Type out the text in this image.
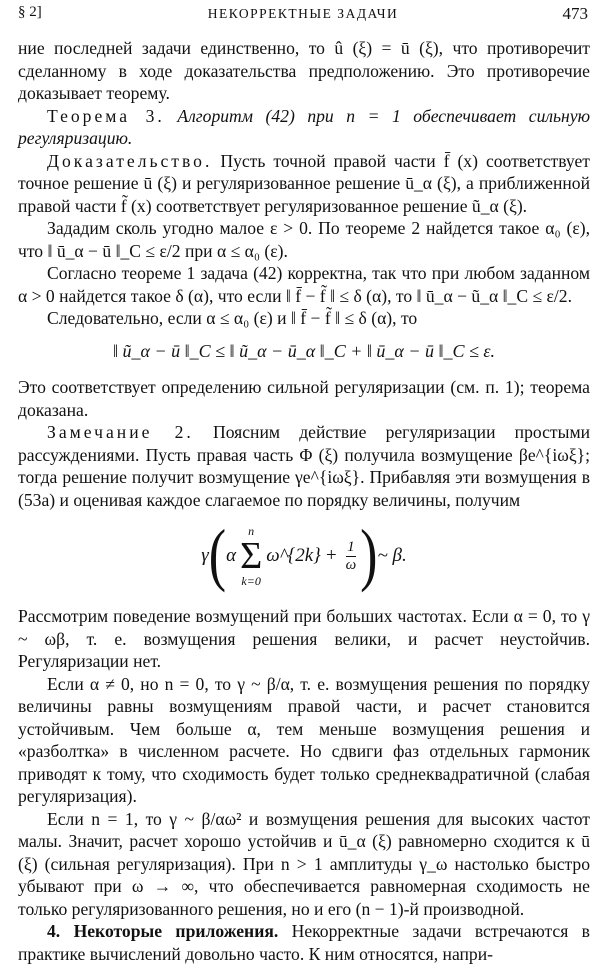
§ 2]	НЕКОРРЕКТНЫЕ ЗАДАЧИ	473

ние последней задачи единственно, то û (ξ) = ū (ξ), что противоречит сделанному в ходе доказательства предположению. Это противоречие доказывает теорему.

Теорема 3. Алгоритм (42) при n = 1 обеспечивает сильную регуляризацию.

Доказательство. Пусть точной правой части f̄ (x) соответствует точное решение ū (ξ) и регуляризованное решение ū_α (ξ), а приближенной правой части f̃ (x) соответствует регуляризованное решение ũ_α (ξ).

Зададим сколь угодно малое ε > 0. По теореме 2 найдется такое α₀ (ε), что ‖ ū_α − ū ‖_C ≤ ε/2 при α ≤ α₀ (ε).

Согласно теореме 1 задача (42) корректна, так что при любом заданном α > 0 найдется такое δ (α), что если ‖ f̄ − f̃ ‖ ≤ δ (α), то ‖ ū_α − ũ_α ‖_C ≤ ε/2.

Следовательно, если α ≤ α₀ (ε) и ‖ f̄ − f̃ ‖ ≤ δ (α), то

‖ ũ_α − ū ‖_C ≤ ‖ ũ_α − ū_α ‖_C + ‖ ū_α − ū ‖_C ≤ ε.

Это соответствует определению сильной регуляризации (см. п. 1); теорема доказана.

Замечание 2. Поясним действие регуляризации простыми рассуждениями. Пусть правая часть Φ (ξ) получила возмущение βe^{iωξ}; тогда решение получит возмущение γe^{iωξ}. Прибавляя эти возмущения в (53а) и оценивая каждое слагаемое по порядку величины, получим

γ ( α
n
Σ
k=0
ω^{2k} + $\frac{1}{\omega}$ ) ~ β.

Рассмотрим поведение возмущений при больших частотах. Если α = 0, то γ ~ ωβ, т. е. возмущения решения велики, и расчет неустойчив. Регуляризации нет.

Если α ≠ 0, но n = 0, то γ ~ β/α, т. е. возмущения решения по порядку величины равны возмущениям правой части, и расчет становится устойчивым. Чем больше α, тем меньше возмущения решения и «разболтка» в численном расчете. Но сдвиги фаз отдельных гармоник приводят к тому, что сходимость будет только среднеквадратичной (слабая регуляризация).

Если n = 1, то γ ~ β/αω² и возмущения решения для высоких частот малы. Значит, расчет хорошо устойчив и ū_α (ξ) равномерно сходится к ū (ξ) (сильная регуляризация). При n > 1 амплитуды γ_ω настолько быстро убывают при ω → ∞, что обеспечивается равномерная сходимость не только регуляризованного решения, но и его (n − 1)-й производной.

4. Некоторые приложения. Некорректные задачи встречаются в практике вычислений довольно часто. К ним относятся, напри-
